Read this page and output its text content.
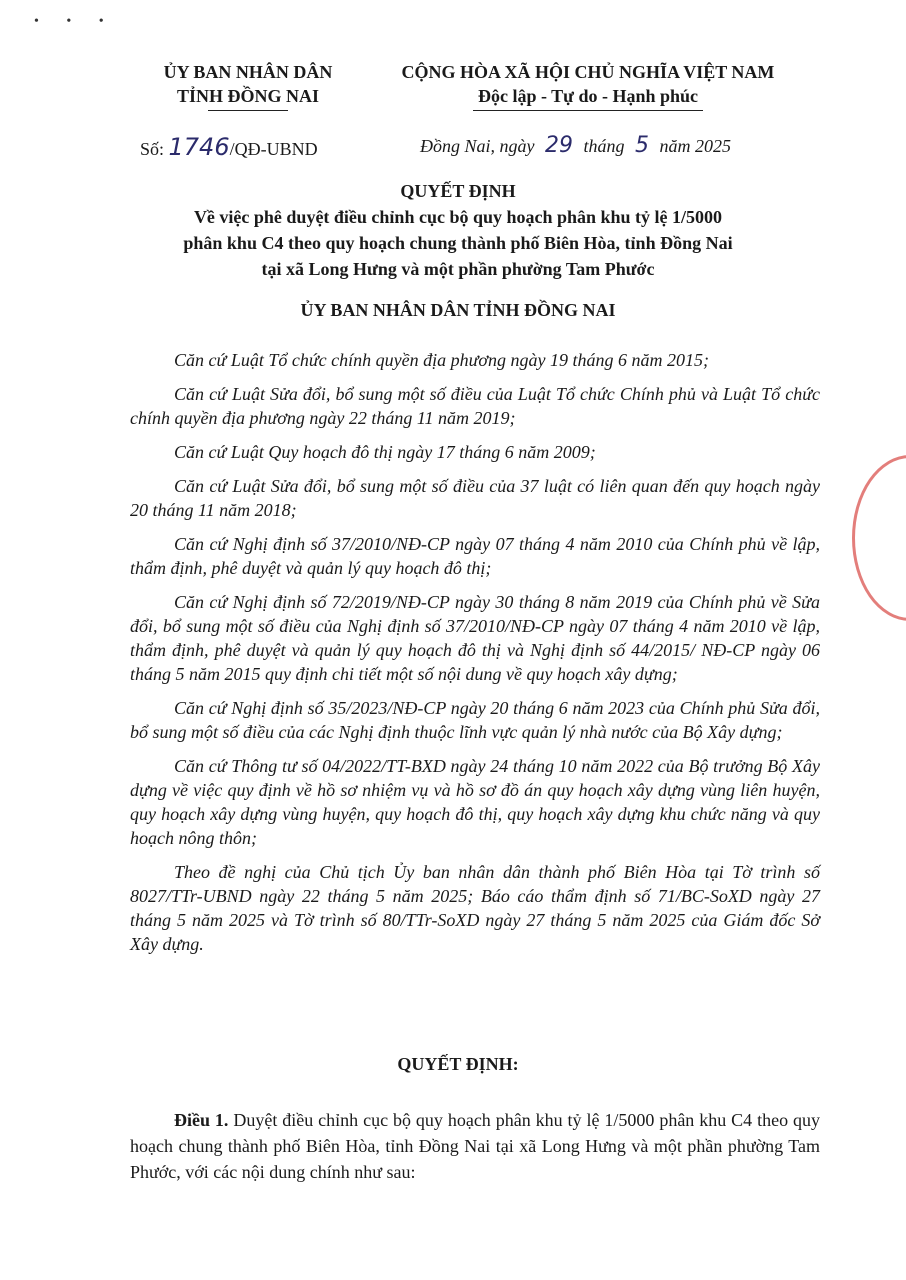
• • •
ỦY BAN NHÂN DÂN
TỈNH ĐỒNG NAI
CỘNG HÒA XÃ HỘI CHỦ NGHĨA VIỆT NAM
Độc lập - Tự do - Hạnh phúc
Số: 1746/QĐ-UBND	Đồng Nai, ngày 29 tháng 5 năm 2025
QUYẾT ĐỊNH
Về việc phê duyệt điều chỉnh cục bộ quy hoạch phân khu tỷ lệ 1/5000
phân khu C4 theo quy hoạch chung thành phố Biên Hòa, tỉnh Đồng Nai
tại xã Long Hưng và một phần phường Tam Phước
ỦY BAN NHÂN DÂN TỈNH ĐỒNG NAI

Căn cứ Luật Tổ chức chính quyền địa phương ngày 19 tháng 6 năm 2015;

Căn cứ Luật Sửa đổi, bổ sung một số điều của Luật Tổ chức Chính phủ và Luật Tổ chức chính quyền địa phương ngày 22 tháng 11 năm 2019;

Căn cứ Luật Quy hoạch đô thị ngày 17 tháng 6 năm 2009;

Căn cứ Luật Sửa đổi, bổ sung một số điều của 37 luật có liên quan đến quy hoạch ngày 20 tháng 11 năm 2018;

Căn cứ Nghị định số 37/2010/NĐ-CP ngày 07 tháng 4 năm 2010 của Chính phủ về lập, thẩm định, phê duyệt và quản lý quy hoạch đô thị;

Căn cứ Nghị định số 72/2019/NĐ-CP ngày 30 tháng 8 năm 2019 của Chính phủ về Sửa đổi, bổ sung một số điều của Nghị định số 37/2010/NĐ-CP ngày 07 tháng 4 năm 2010 về lập, thẩm định, phê duyệt và quản lý quy hoạch đô thị và Nghị định số 44/2015/ NĐ-CP ngày 06 tháng 5 năm 2015 quy định chi tiết một số nội dung về quy hoạch xây dựng;

Căn cứ Nghị định số 35/2023/NĐ-CP ngày 20 tháng 6 năm 2023 của Chính phủ Sửa đổi, bổ sung một số điều của các Nghị định thuộc lĩnh vực quản lý nhà nước của Bộ Xây dựng;

Căn cứ Thông tư số 04/2022/TT-BXD ngày 24 tháng 10 năm 2022 của Bộ trưởng Bộ Xây dựng về việc quy định về hồ sơ nhiệm vụ và hồ sơ đồ án quy hoạch xây dựng vùng liên huyện, quy hoạch xây dựng vùng huyện, quy hoạch đô thị, quy hoạch xây dựng khu chức năng và quy hoạch nông thôn;

Theo đề nghị của Chủ tịch Ủy ban nhân dân thành phố Biên Hòa tại Tờ trình số 8027/TTr-UBND ngày 22 tháng 5 năm 2025; Báo cáo thẩm định số 71/BC-SoXD ngày 27 tháng 5 năm 2025 và Tờ trình số 80/TTr-SoXD ngày 27 tháng 5 năm 2025 của Giám đốc Sở Xây dựng.

QUYẾT ĐỊNH:
Điều 1. Duyệt điều chỉnh cục bộ quy hoạch phân khu tỷ lệ 1/5000 phân khu C4 theo quy hoạch chung thành phố Biên Hòa, tỉnh Đồng Nai tại xã Long Hưng và một phần phường Tam Phước, với các nội dung chính như sau:
